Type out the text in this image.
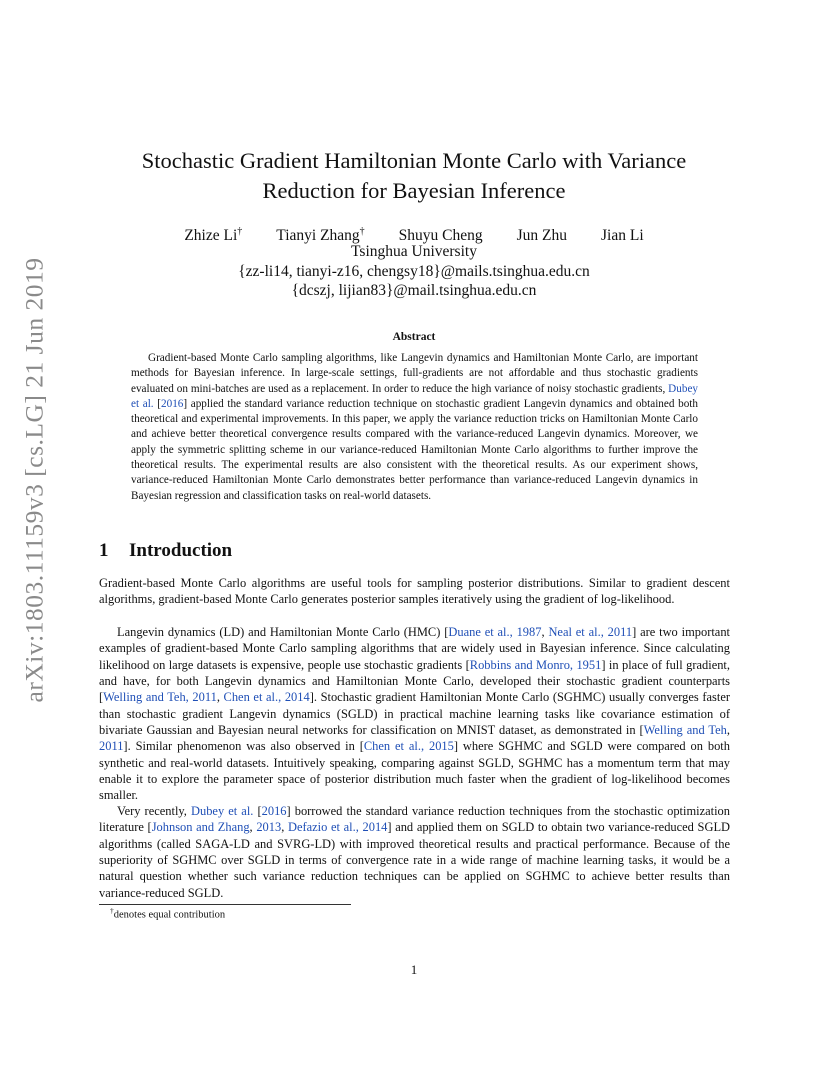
arXiv:1803.11159v3 [cs.LG] 21 Jun 2019
Stochastic Gradient Hamiltonian Monte Carlo with Variance
Reduction for Bayesian Inference
Zhize Li† Tianyi Zhang† Shuyu Cheng Jun Zhu Jian Li
Tsinghua University
{zz-li14, tianyi-z16, chengsy18}@mails.tsinghua.edu.cn
{dcszj, lijian83}@mail.tsinghua.edu.cn
Abstract

Gradient-based Monte Carlo sampling algorithms, like Langevin dynamics and Hamiltonian Monte Carlo, are important methods for Bayesian inference. In large-scale settings, full-gradients are not affordable and thus stochastic gradients evaluated on mini-batches are used as a replacement. In order to reduce the high variance of noisy stochastic gradients, Dubey et al. [2016] applied the standard variance reduction technique on stochastic gradient Langevin dynamics and obtained both theoretical and experimental improvements. In this paper, we apply the variance reduction tricks on Hamiltonian Monte Carlo and achieve better theoretical convergence results compared with the variance-reduced Langevin dynamics. Moreover, we apply the symmetric splitting scheme in our variance-reduced Hamiltonian Monte Carlo algorithms to further improve the theoretical results. The experimental results are also consistent with the theoretical results. As our experiment shows, variance-reduced Hamiltonian Monte Carlo demonstrates better performance than variance-reduced Langevin dynamics in Bayesian regression and classification tasks on real-world datasets.

1 Introduction

Gradient-based Monte Carlo algorithms are useful tools for sampling posterior distributions. Similar to gradient descent algorithms, gradient-based Monte Carlo generates posterior samples iteratively using the gradient of log-likelihood.

Langevin dynamics (LD) and Hamiltonian Monte Carlo (HMC) [Duane et al., 1987, Neal et al., 2011] are two important examples of gradient-based Monte Carlo sampling algorithms that are widely used in Bayesian inference. Since calculating likelihood on large datasets is expensive, people use stochastic gradients [Robbins and Monro, 1951] in place of full gradient, and have, for both Langevin dynamics and Hamiltonian Monte Carlo, developed their stochastic gradient counterparts [Welling and Teh, 2011, Chen et al., 2014]. Stochastic gradient Hamiltonian Monte Carlo (SGHMC) usually converges faster than stochastic gradient Langevin dynamics (SGLD) in practical machine learning tasks like covariance estimation of bivariate Gaussian and Bayesian neural networks for classification on MNIST dataset, as demonstrated in [Welling and Teh, 2011]. Similar phenomenon was also observed in [Chen et al., 2015] where SGHMC and SGLD were compared on both synthetic and real-world datasets. Intuitively speaking, comparing against SGLD, SGHMC has a momentum term that may enable it to explore the parameter space of posterior distribution much faster when the gradient of log-likelihood becomes smaller.

Very recently, Dubey et al. [2016] borrowed the standard variance reduction techniques from the stochastic optimization literature [Johnson and Zhang, 2013, Defazio et al., 2014] and applied them on SGLD to obtain two variance-reduced SGLD algorithms (called SAGA-LD and SVRG-LD) with improved theoretical results and practical performance. Because of the superiority of SGHMC over SGLD in terms of convergence rate in a wide range of machine learning tasks, it would be a natural question whether such variance reduction techniques can be applied on SGHMC to achieve better results than variance-reduced SGLD.

†denotes equal contribution
1
